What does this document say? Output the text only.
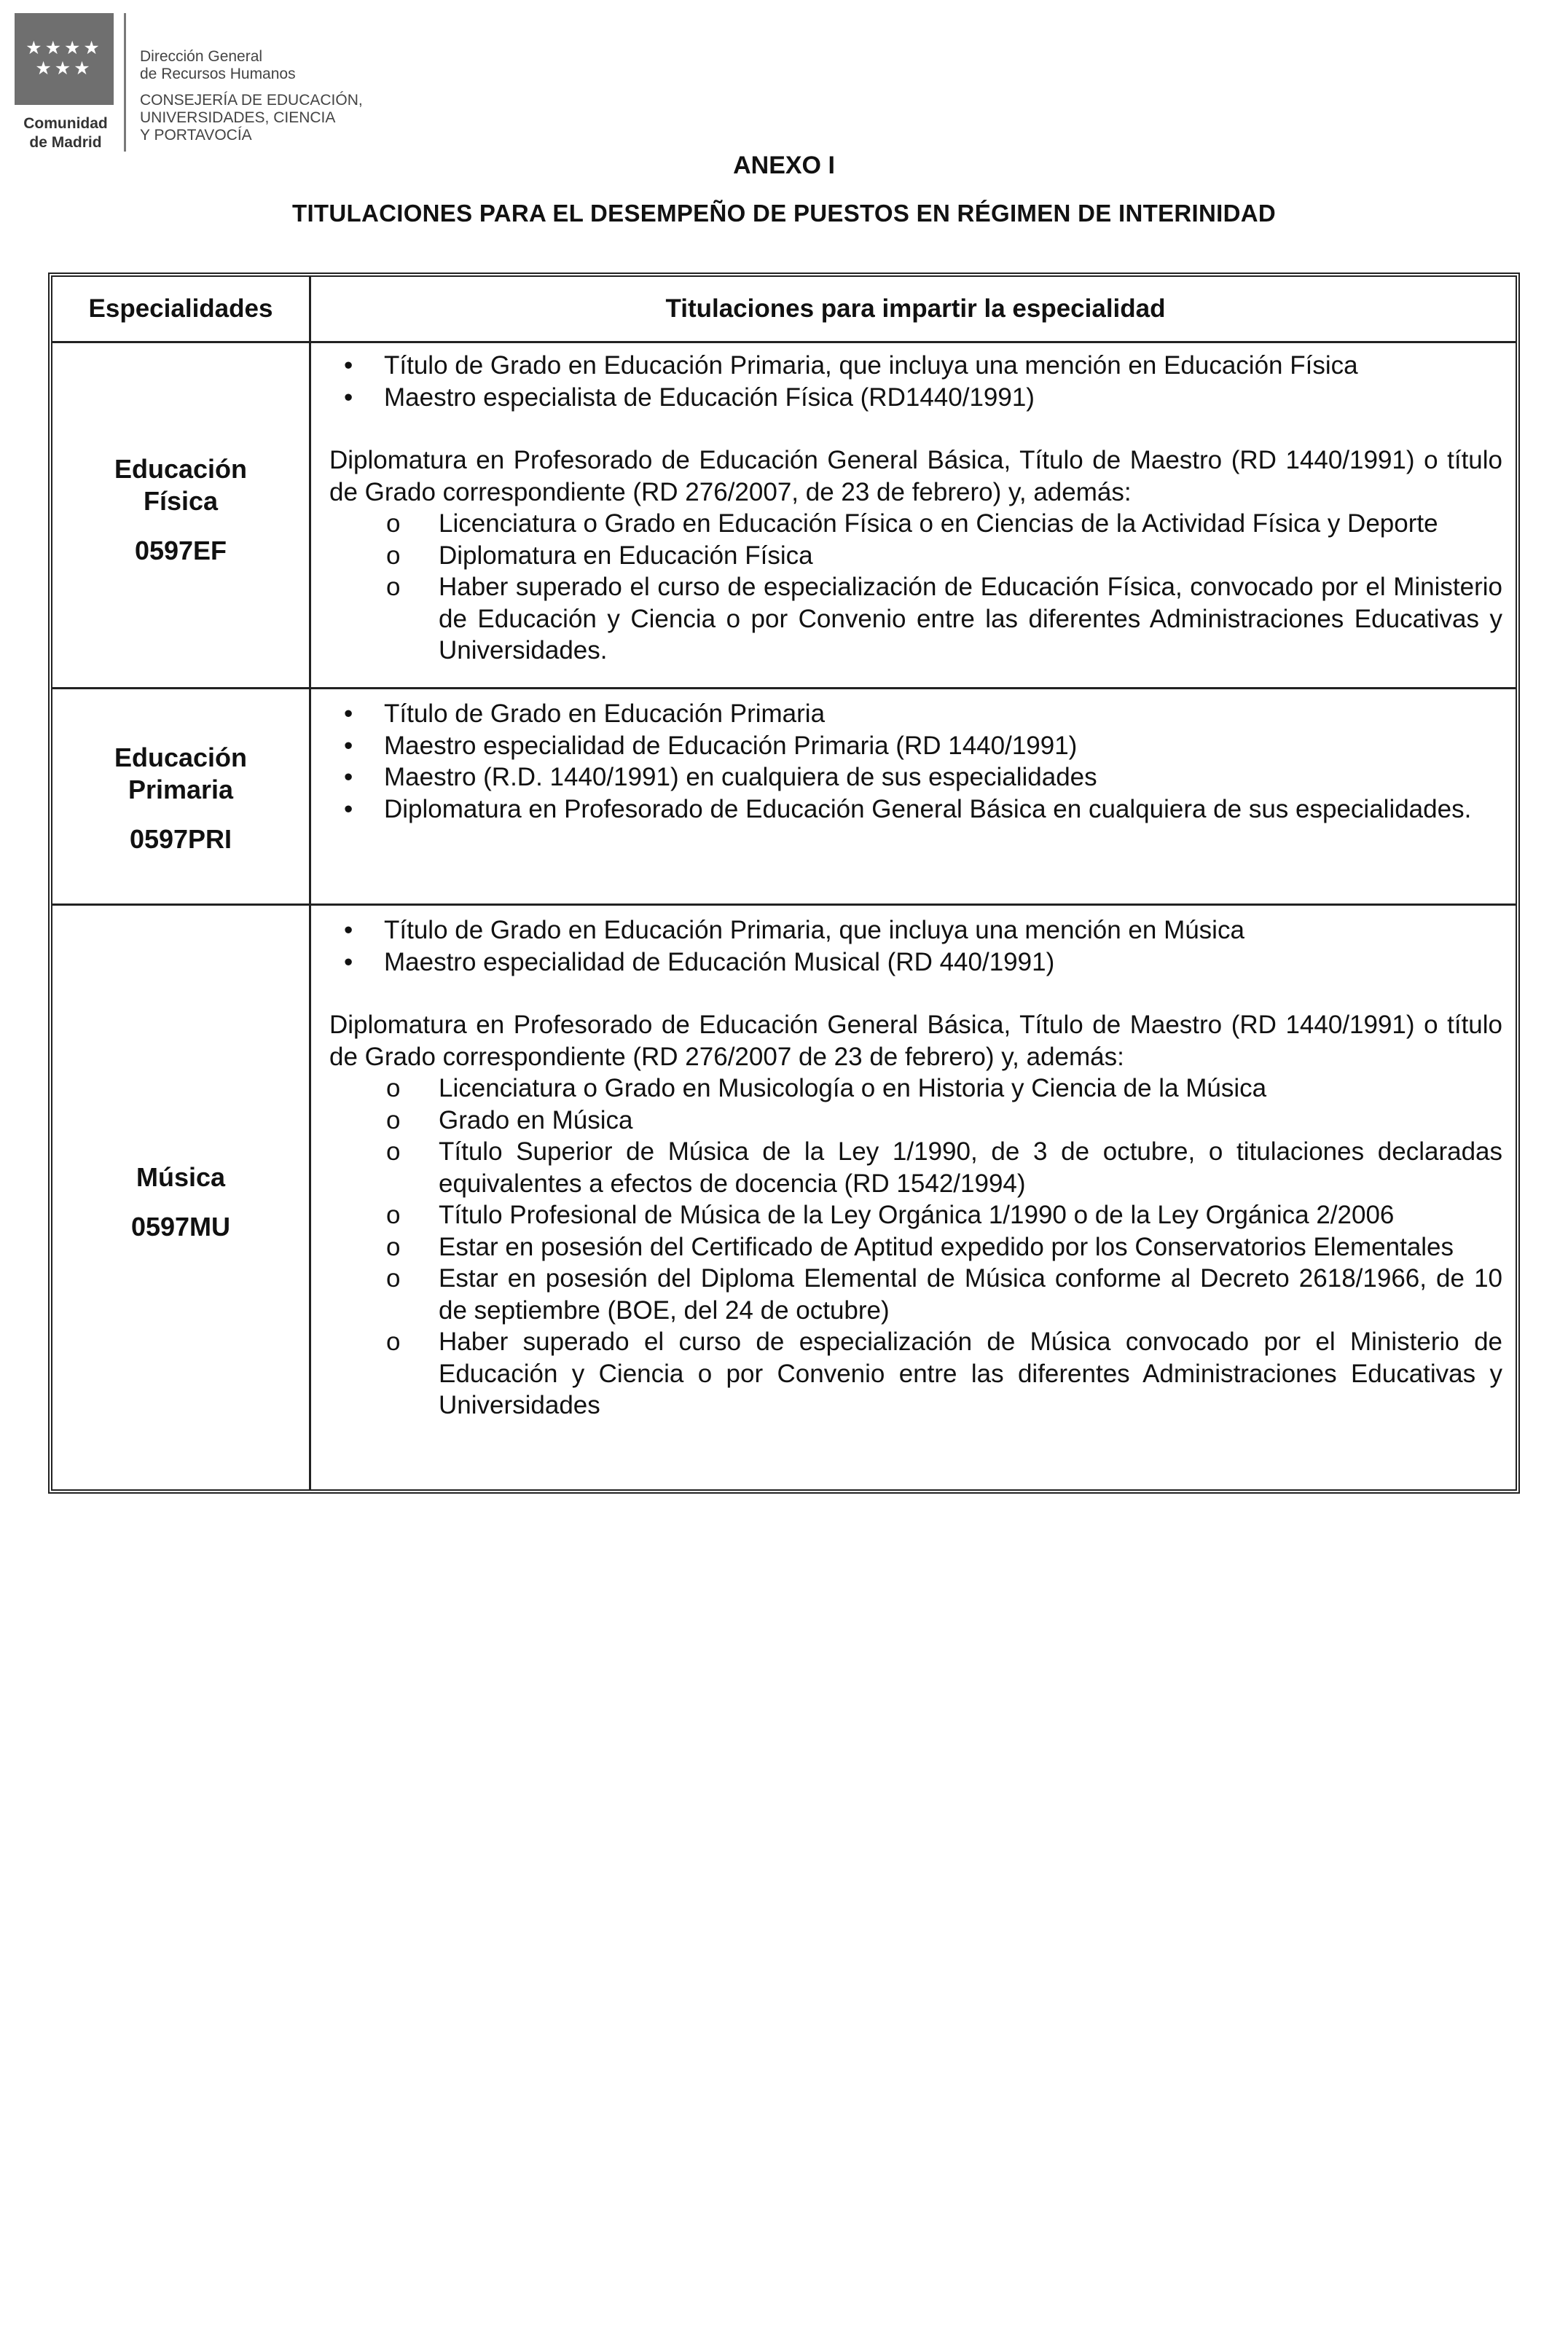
★★★★ ★★★
Comunidad
de Madrid
Dirección General
de Recursos Humanos
CONSEJERÍA DE EDUCACIÓN,
UNIVERSIDADES, CIENCIA
Y PORTAVOCÍA
ANEXO I
TITULACIONES PARA EL DESEMPEÑO DE PUESTOS EN RÉGIMEN DE INTERINIDAD
Especialidades	Titulaciones para impartir la especialidad
Educación
Física
0597EF
• Título de Grado en Educación Primaria, que incluya una mención en Educación Física
• Maestro especialista de Educación Física (RD1440/1991)
Diplomatura en Profesorado de Educación General Básica, Título de Maestro (RD 1440/1991) o título de Grado correspondiente (RD 276/2007, de 23 de febrero) y, además:
o Licenciatura o Grado en Educación Física o en Ciencias de la Actividad Física y Deporte
o Diplomatura en Educación Física
o Haber superado el curso de especialización de Educación Física, convocado por el Ministerio de Educación y Ciencia o por Convenio entre las diferentes Administraciones Educativas y Universidades.
Educación
Primaria
0597PRI
• Título de Grado en Educación Primaria
• Maestro especialidad de Educación Primaria (RD 1440/1991)
• Maestro (R.D. 1440/1991) en cualquiera de sus especialidades
• Diplomatura en Profesorado de Educación General Básica en cualquiera de sus especialidades.
Música
0597MU
• Título de Grado en Educación Primaria, que incluya una mención en Música
• Maestro especialidad de Educación Musical (RD 440/1991)
Diplomatura en Profesorado de Educación General Básica, Título de Maestro (RD 1440/1991) o título de Grado correspondiente (RD 276/2007 de 23 de febrero) y, además:
o Licenciatura o Grado en Musicología o en Historia y Ciencia de la Música
o Grado en Música
o Título Superior de Música de la Ley 1/1990, de 3 de octubre, o titulaciones declaradas equivalentes a efectos de docencia (RD 1542/1994)
o Título Profesional de Música de la Ley Orgánica 1/1990 o de la Ley Orgánica 2/2006
o Estar en posesión del Certificado de Aptitud expedido por los Conservatorios Elementales
o Estar en posesión del Diploma Elemental de Música conforme al Decreto 2618/1966, de 10 de septiembre (BOE, del 24 de octubre)
o Haber superado el curso de especialización de Música convocado por el Ministerio de Educación y Ciencia o por Convenio entre las diferentes Administraciones Educativas y Universidades
